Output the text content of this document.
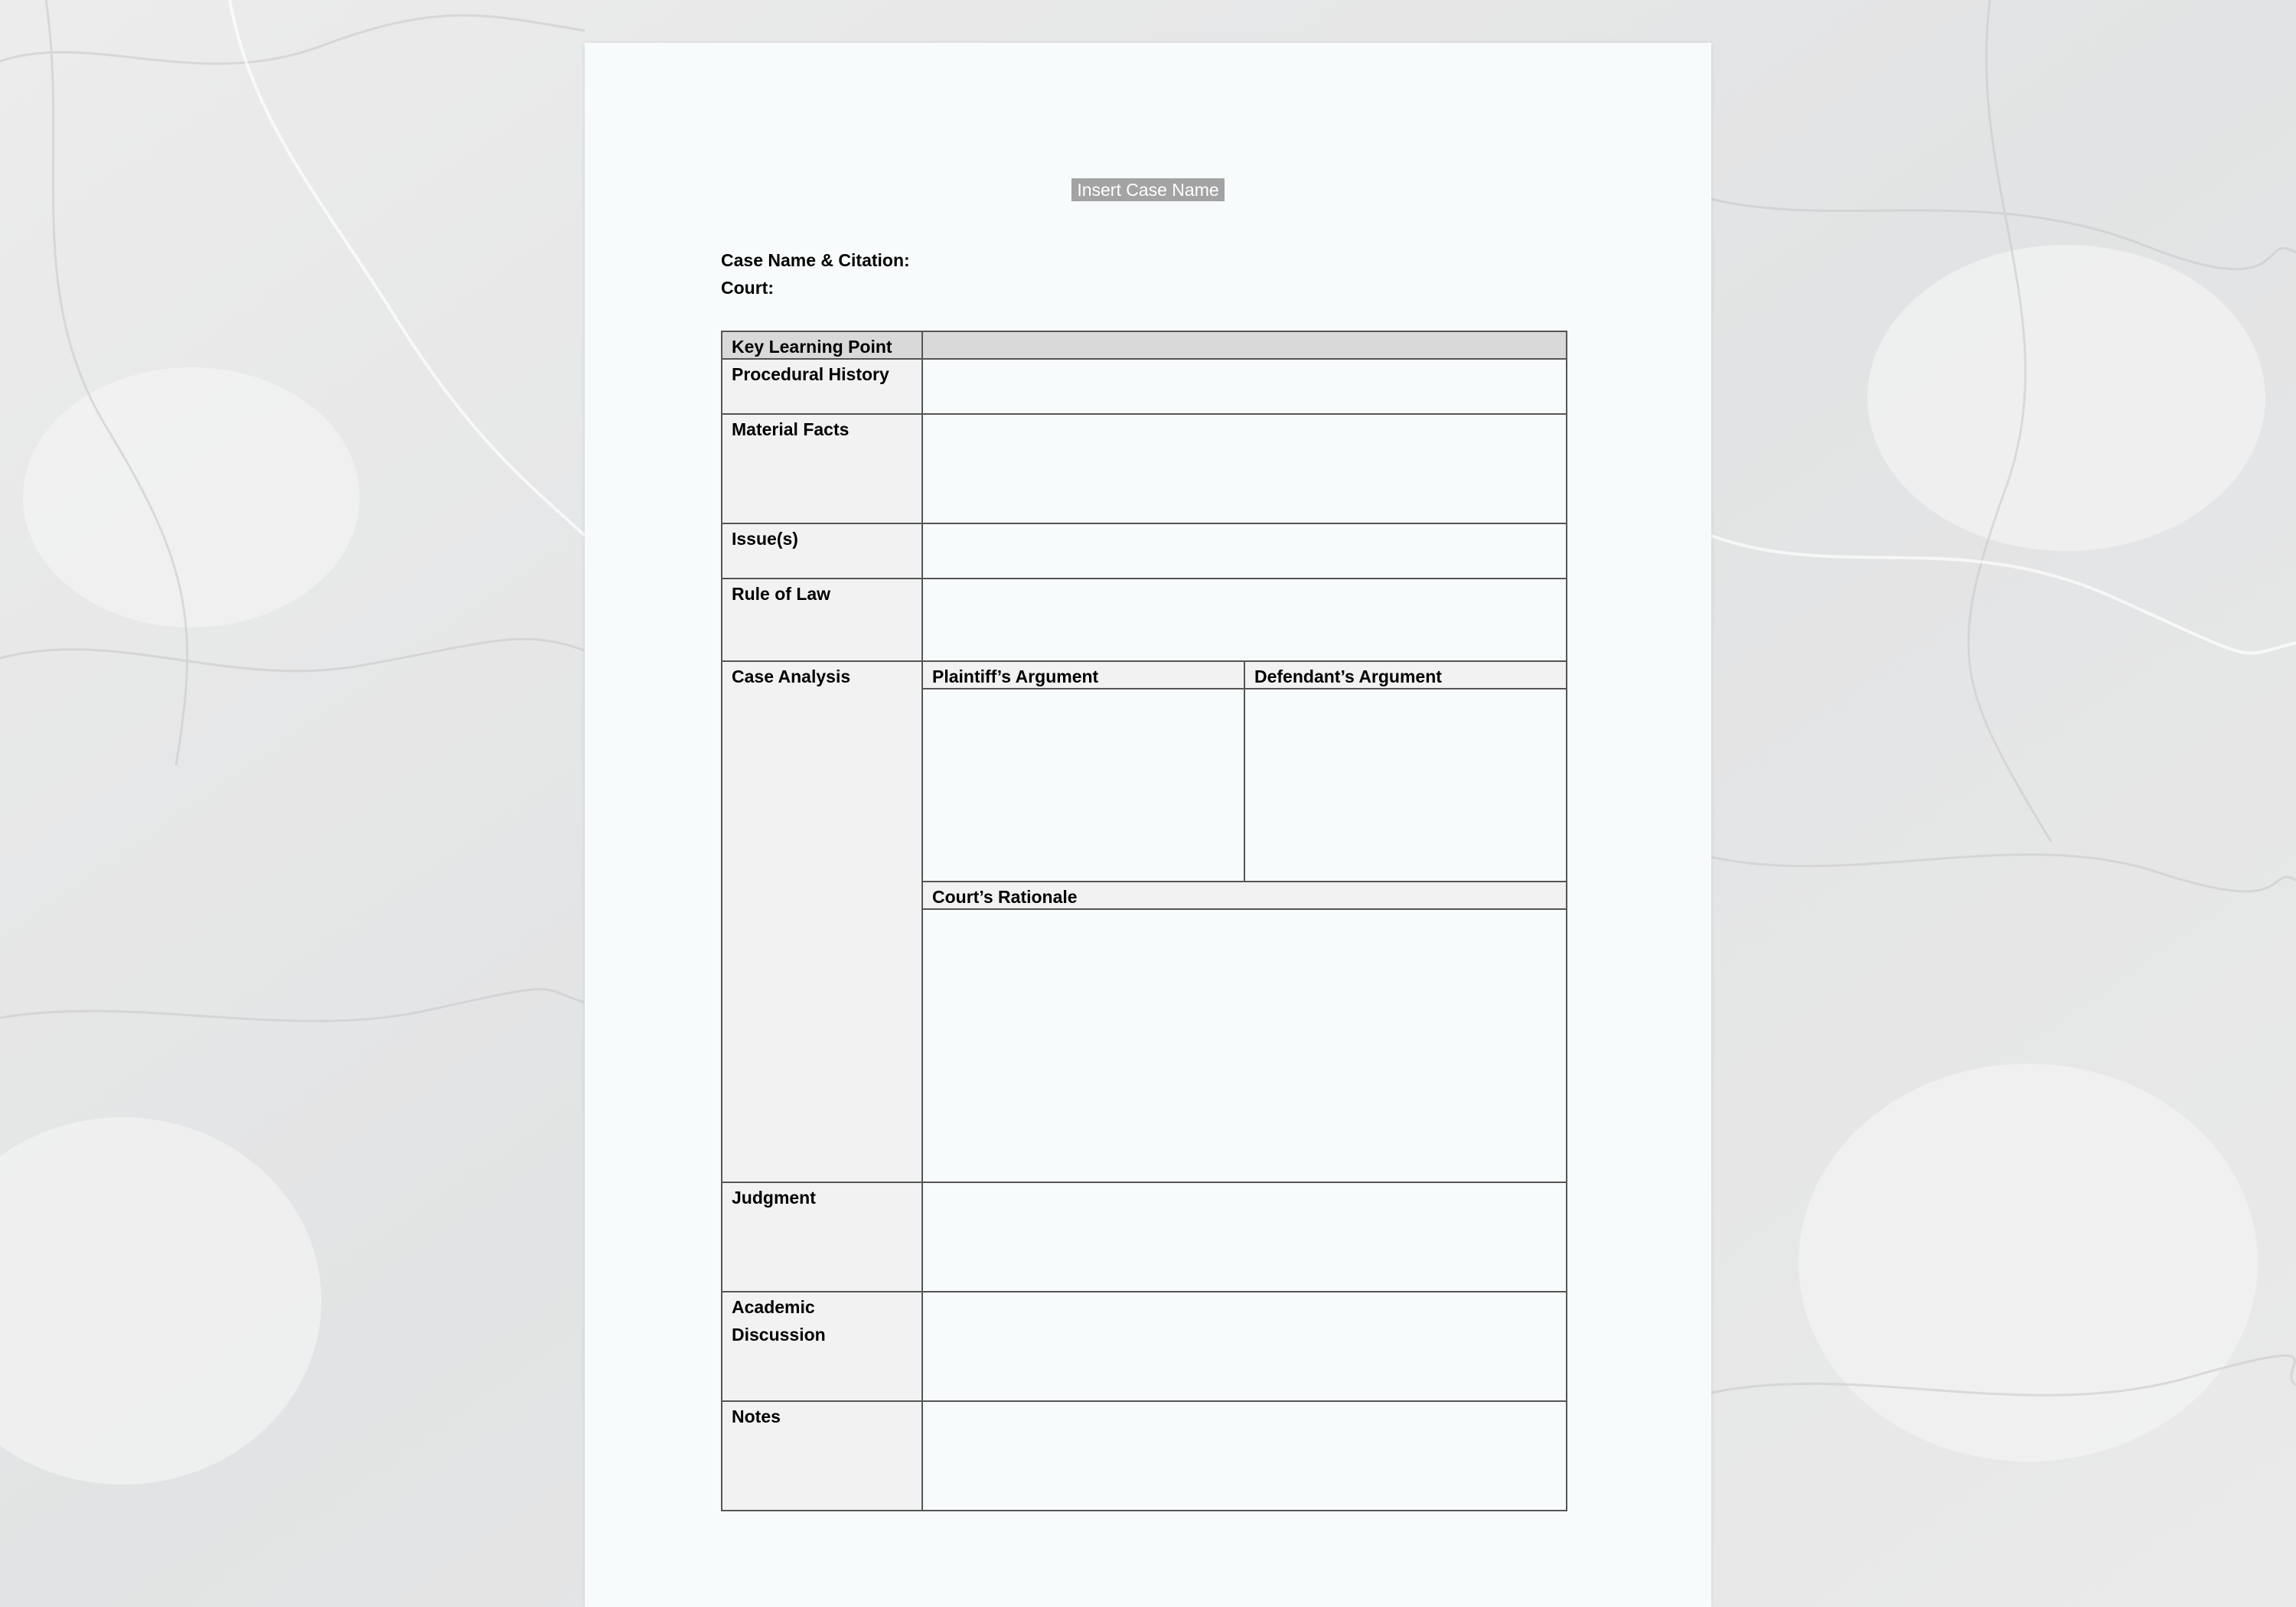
Insert Case Name
Case Name & Citation:
Court:
Key Learning Point
Procedural History
Material Facts
Issue(s)
Rule of Law
Case Analysis	Plaintiff’s Argument	Defendant’s Argument
Court’s Rationale
Judgment
Academic
Discussion
Notes
